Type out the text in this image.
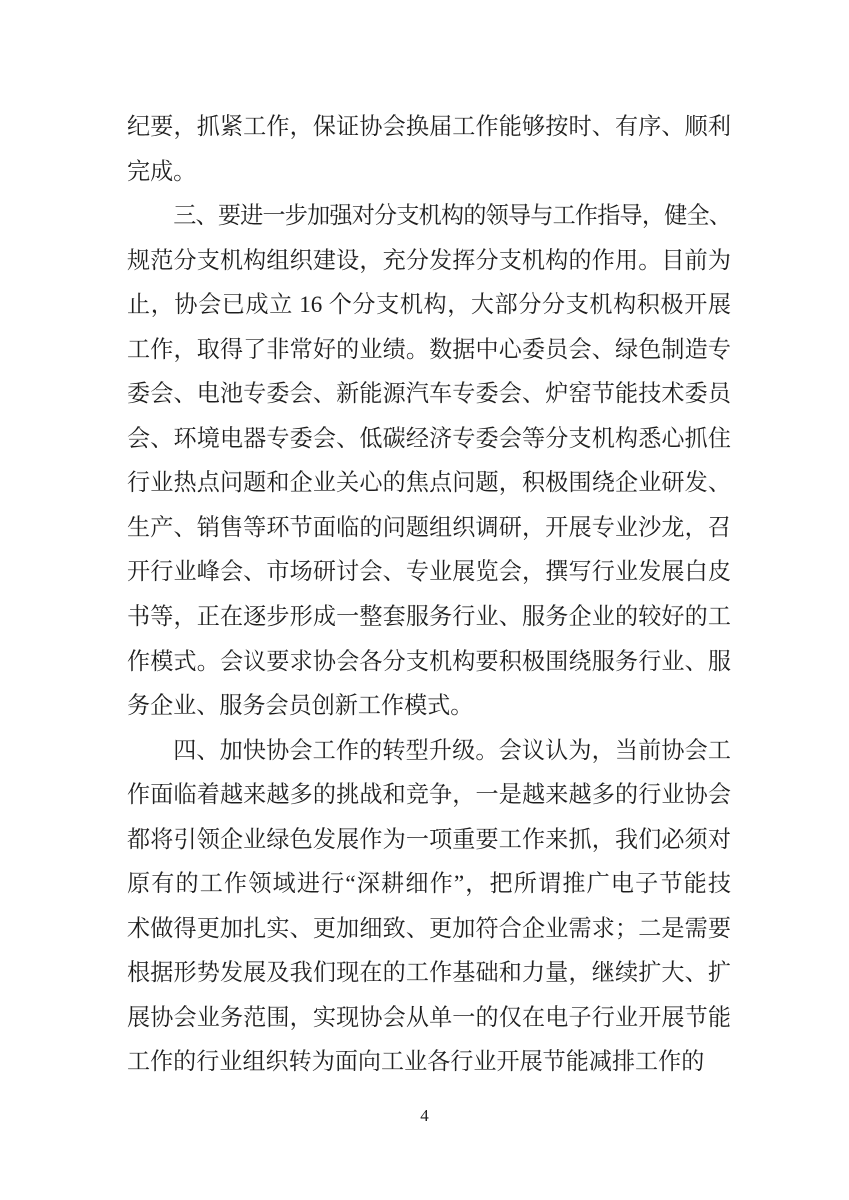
纪要，抓紧工作，保证协会换届工作能够按时、有序、顺利
完成。
三、要进一步加强对分支机构的领导与工作指导，健全、
规范分支机构组织建设，充分发挥分支机构的作用。目前为
止，协会已成立 16 个分支机构，大部分分支机构积极开展
工作，取得了非常好的业绩。数据中心委员会、绿色制造专
委会、电池专委会、新能源汽车专委会、炉窑节能技术委员
会、环境电器专委会、低碳经济专委会等分支机构悉心抓住
行业热点问题和企业关心的焦点问题，积极围绕企业研发、
生产、销售等环节面临的问题组织调研，开展专业沙龙，召
开行业峰会、市场研讨会、专业展览会，撰写行业发展白皮
书等，正在逐步形成一整套服务行业、服务企业的较好的工
作模式。会议要求协会各分支机构要积极围绕服务行业、服
务企业、服务会员创新工作模式。
四、加快协会工作的转型升级。会议认为，当前协会工
作面临着越来越多的挑战和竞争，一是越来越多的行业协会
都将引领企业绿色发展作为一项重要工作来抓，我们必须对
原有的工作领域进行“深耕细作”，把所谓推广电子节能技
术做得更加扎实、更加细致、更加符合企业需求；二是需要
根据形势发展及我们现在的工作基础和力量，继续扩大、扩
展协会业务范围，实现协会从单一的仅在电子行业开展节能
工作的行业组织转为面向工业各行业开展节能减排工作的
4
